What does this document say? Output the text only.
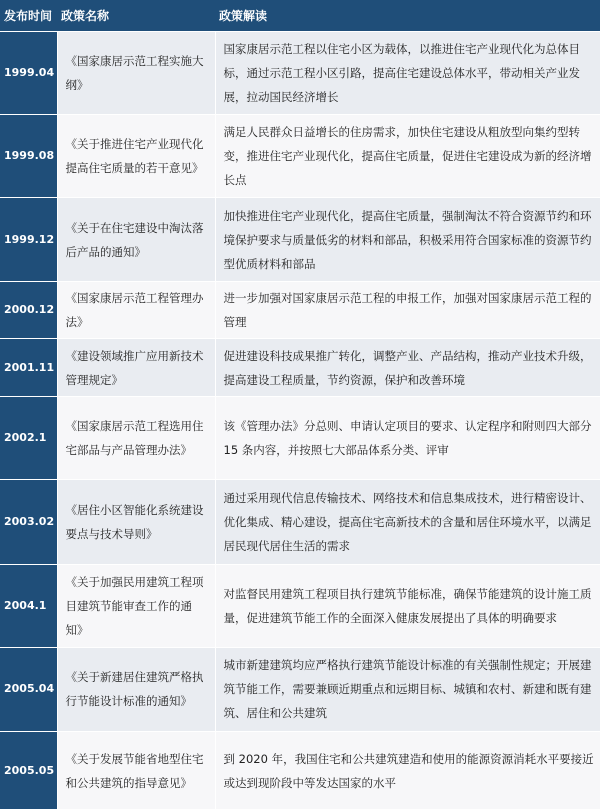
发布时间	政策名称	政策解读
1999.04	《国家康居示范工程实施大纲》	国家康居示范工程以住宅小区为载体，以推进住宅产业现代化为总体目标，通过示范工程小区引路，提高住宅建设总体水平，带动相关产业发展，拉动国民经济增长
1999.08	《关于推进住宅产业现代化提高住宅质量的若干意见》	满足人民群众日益增长的住房需求，加快住宅建设从粗放型向集约型转变，推进住宅产业现代化，提高住宅质量，促进住宅建设成为新的经济增长点
1999.12	《关于在住宅建设中淘汰落后产品的通知》	加快推进住宅产业现代化，提高住宅质量，强制淘汰不符合资源节约和环境保护要求与质量低劣的材料和部品，积极采用符合国家标准的资源节约型优质材料和部品
2000.12	《国家康居示范工程管理办法》	进一步加强对国家康居示范工程的申报工作，加强对国家康居示范工程的管理
2001.11	《建设领域推广应用新技术管理规定》	促进建设科技成果推广转化，调整产业、产品结构，推动产业技术升级，提高建设工程质量，节约资源，保护和改善环境
2002.1	《国家康居示范工程选用住宅部品与产品管理办法》	该《管理办法》分总则、申请认定项目的要求、认定程序和附则四大部分 15 条内容，并按照七大部品体系分类、评审
2003.02	《居住小区智能化系统建设要点与技术导则》	通过采用现代信息传输技术、网络技术和信息集成技术，进行精密设计、优化集成、精心建设，提高住宅高新技术的含量和居住环境水平，以满足居民现代居住生活的需求
2004.1	《关于加强民用建筑工程项目建筑节能审查工作的通知》	对监督民用建筑工程项目执行建筑节能标准，确保节能建筑的设计施工质量，促进建筑节能工作的全面深入健康发展提出了具体的明确要求
2005.04	《关于新建居住建筑严格执行节能设计标准的通知》	城市新建建筑均应严格执行建筑节能设计标准的有关强制性规定；开展建筑节能工作，需要兼顾近期重点和远期目标、城镇和农村、新建和既有建筑、居住和公共建筑
2005.05	《关于发展节能省地型住宅和公共建筑的指导意见》	到 2020 年，我国住宅和公共建筑建造和使用的能源资源消耗水平要接近或达到现阶段中等发达国家的水平
